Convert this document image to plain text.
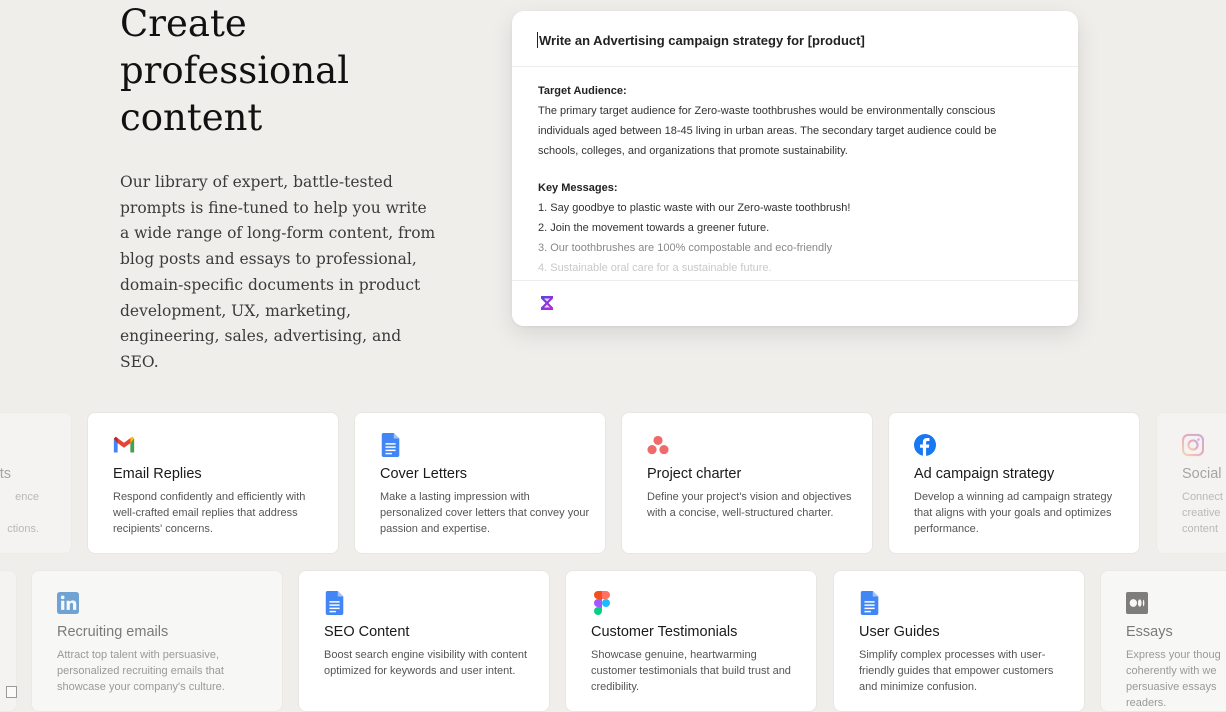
Create
professional
content

Our library of expert, battle-tested prompts is fine-tuned to help you write a wide range of long-form content, from blog posts and essays to professional, domain-specific documents in product development, UX, marketing, engineering, sales, advertising, and SEO.

Write an Advertising campaign strategy for [product]

Target Audience:

The primary target audience for Zero-waste toothbrushes would be environmentally conscious individuals aged between 18-45 living in urban areas. The secondary target audience could be schools, colleges, and organizations that promote sustainability.

Key Messages:

1. Say goodbye to plastic waste with our Zero-waste toothbrush!

2. Join the movement towards a greener future.

3. Our toothbrushes are 100% compostable and eco-friendly

4. Sustainable oral care for a sustainable future.

ts
ence
ctions.
Email Replies
Respond confidently and efficiently with well-crafted email replies that address recipients' concerns.
Cover Letters
Make a lasting impression with personalized cover letters that convey your passion and expertise.
Project charter
Define your project's vision and objectives with a concise, well-structured charter.
Ad campaign strategy
Develop a winning ad campaign strategy that aligns with your goals and optimizes performance.
Social
Connect
creative
content
Recruiting emails
Attract top talent with persuasive, personalized recruiting emails that showcase your company's culture.
SEO Content
Boost search engine visibility with content optimized for keywords and user intent.
Customer Testimonials
Showcase genuine, heartwarming customer testimonials that build trust and credibility.
User Guides
Simplify complex processes with user-friendly guides that empower customers and minimize confusion.
Essays
Express your thoug
coherently with we
persuasive essays
readers.
